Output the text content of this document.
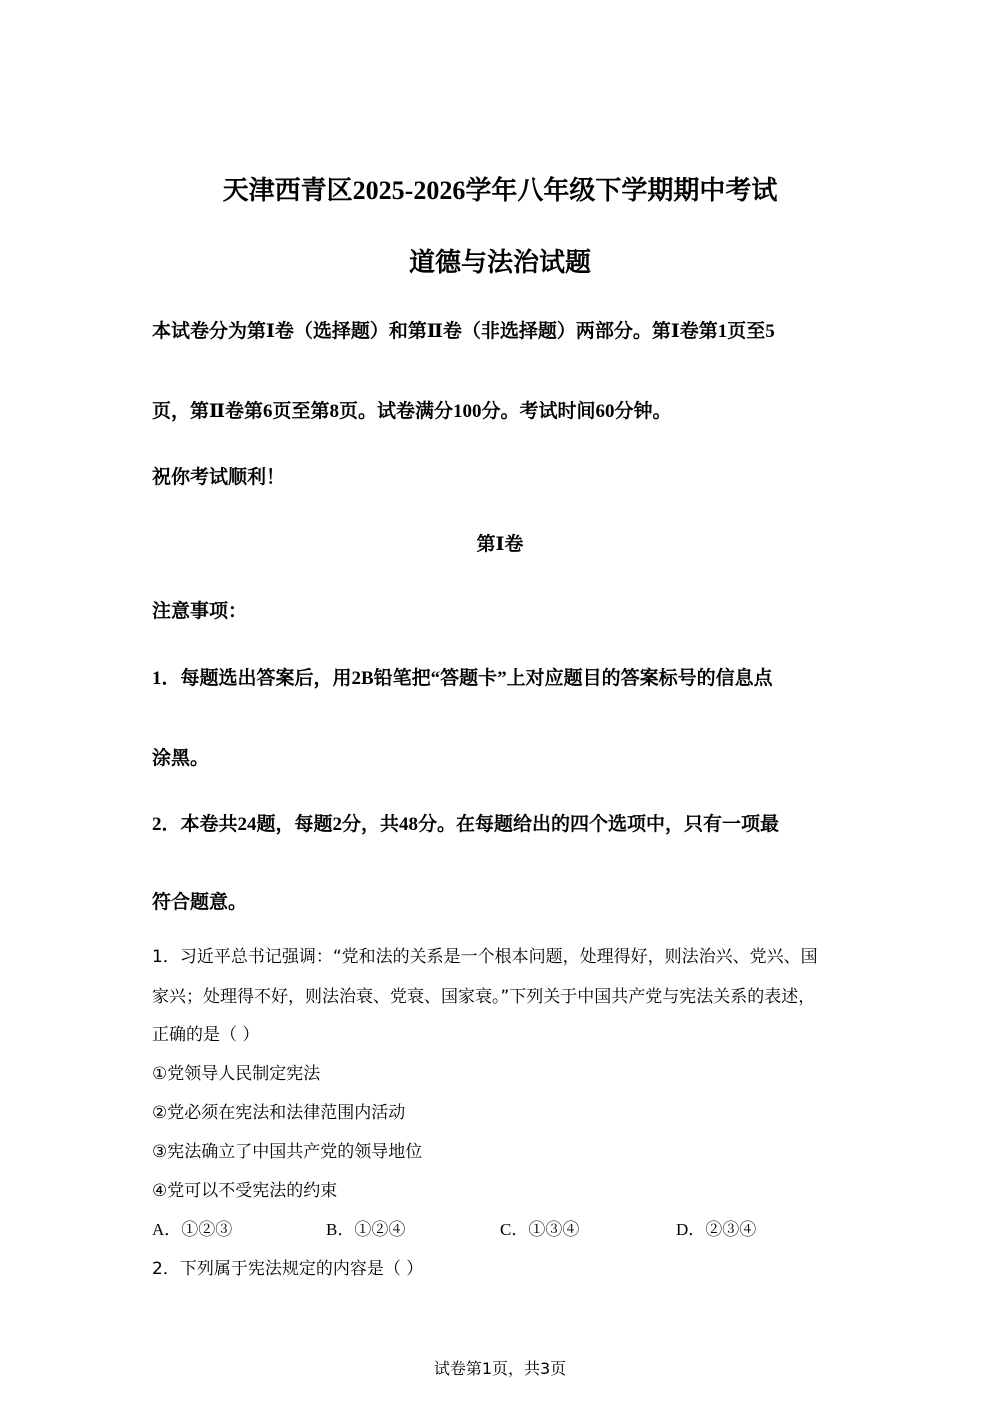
天津西青区2025-2026学年八年级下学期期中考试
道德与法治试题
本试卷分为第Ⅰ卷（选择题）和第Ⅱ卷（非选择题）两部分。第Ⅰ卷第1页至5
页，第Ⅱ卷第6页至第8页。试卷满分100分。考试时间60分钟。
祝你考试顺利！
第Ⅰ卷
注意事项：
1．每题选出答案后，用2B铅笔把“答题卡”上对应题目的答案标号的信息点
涂黑。
2．本卷共24题，每题2分，共48分。在每题给出的四个选项中，只有一项最
符合题意。
1．习近平总书记强调：“党和法的关系是一个根本问题，处理得好，则法治兴、党兴、国
家兴；处理得不好，则法治衰、党衰、国家衰。”下列关于中国共产党与宪法关系的表述，
正确的是（ ）
①党领导人民制定宪法
②党必须在宪法和法律范围内活动
③宪法确立了中国共产党的领导地位
④党可以不受宪法的约束
A．①②③	B．①②④	C．①③④	D．②③④
2．下列属于宪法规定的内容是（ ）
试卷第1页，共3页
